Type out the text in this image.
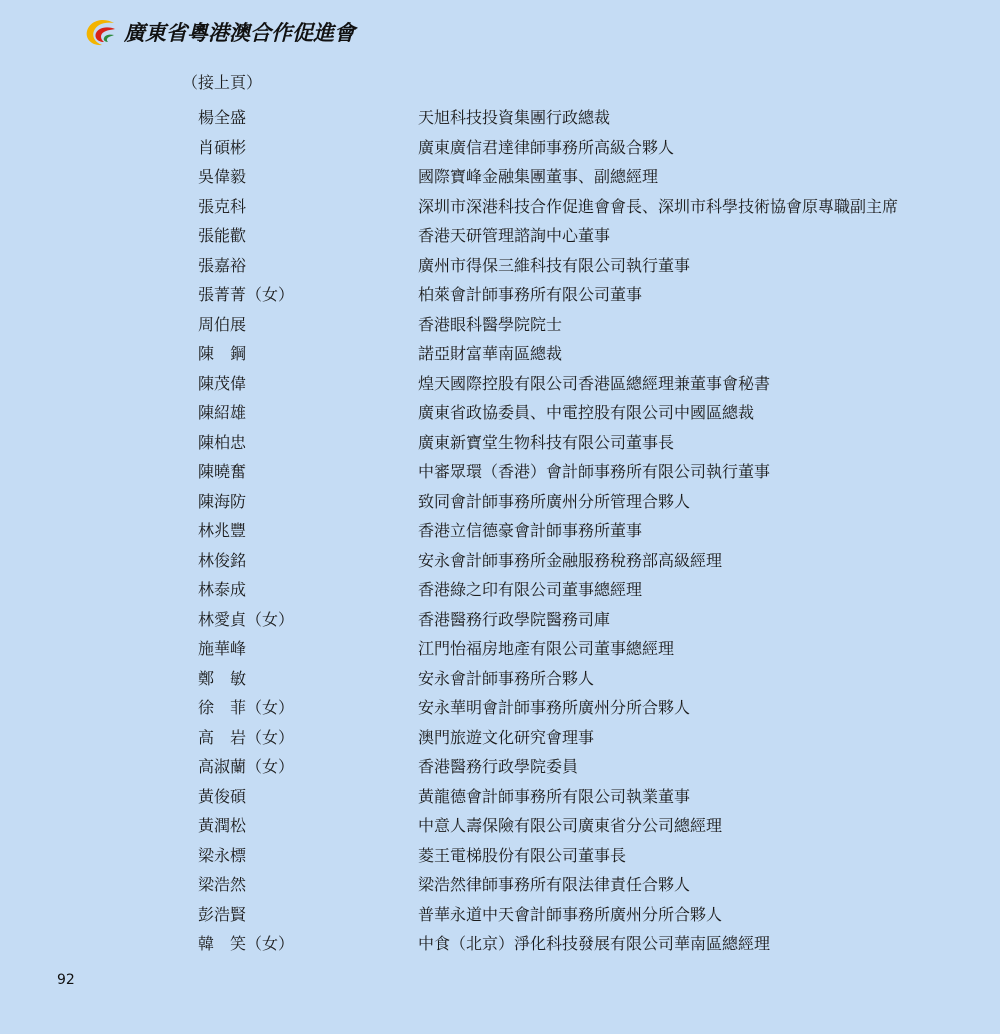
廣東省粵港澳合作促進會
（接上頁）
楊全盛	天旭科技投資集團行政總裁
肖碩彬	廣東廣信君達律師事務所高級合夥人
吳偉毅	國際寶峰金融集團董事、副總經理
張克科	深圳市深港科技合作促進會會長、深圳市科學技術協會原專職副主席
張能歡	香港天研管理諮詢中心董事
張嘉裕	廣州市得保三維科技有限公司執行董事
張菁菁（女）	柏萊會計師事務所有限公司董事
周伯展	香港眼科醫學院院士
陳　鋼	諾亞財富華南區總裁
陳茂偉	煌天國際控股有限公司香港區總經理兼董事會秘書
陳紹雄	廣東省政協委員、中電控股有限公司中國區總裁
陳柏忠	廣東新寶堂生物科技有限公司董事長
陳曉奮	中審眾環（香港）會計師事務所有限公司執行董事
陳海防	致同會計師事務所廣州分所管理合夥人
林兆豐	香港立信德豪會計師事務所董事
林俊銘	安永會計師事務所金融服務稅務部高級經理
林泰成	香港綠之印有限公司董事總經理
林愛貞（女）	香港醫務行政學院醫務司庫
施華峰	江門怡福房地產有限公司董事總經理
鄭　敏	安永會計師事務所合夥人
徐　菲（女）	安永華明會計師事務所廣州分所合夥人
高　岩（女）	澳門旅遊文化研究會理事
高淑蘭（女）	香港醫務行政學院委員
黃俊碩	黃龍德會計師事務所有限公司執業董事
黃潤松	中意人壽保險有限公司廣東省分公司總經理
梁永標	菱王電梯股份有限公司董事長
梁浩然	梁浩然律師事務所有限法律責任合夥人
彭浩賢	普華永道中天會計師事務所廣州分所合夥人
韓　笑（女）	中食（北京）淨化科技發展有限公司華南區總經理
92
